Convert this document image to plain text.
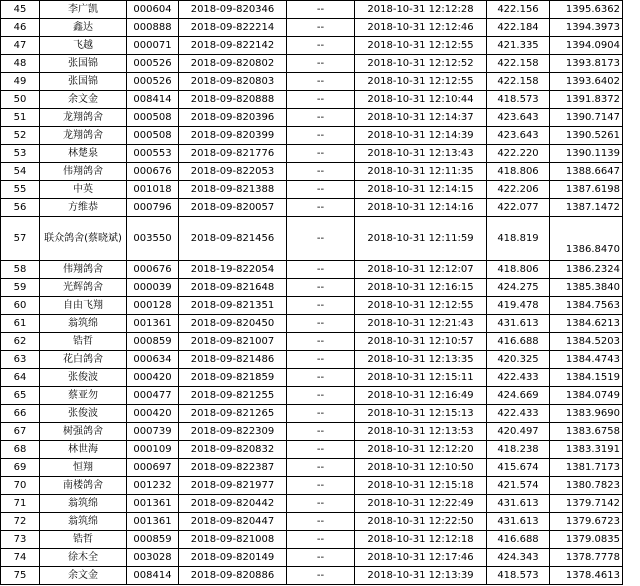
45	李广凯	000604	2018-09-820346	--	2018-10-31 12:12:28	422.156	1395.6362
46	鑫达	000888	2018-09-822214	--	2018-10-31 12:12:46	422.184	1394.3973
47	飞越	000071	2018-09-822142	--	2018-10-31 12:12:55	421.335	1394.0904
48	张国锦	000526	2018-09-820802	--	2018-10-31 12:12:52	422.158	1393.8173
49	张国锦	000526	2018-09-820803	--	2018-10-31 12:12:55	422.158	1393.6402
50	余文金	008414	2018-09-820888	--	2018-10-31 12:10:44	418.573	1391.8372
51	龙翔鸽舍	000508	2018-09-820396	--	2018-10-31 12:14:37	423.643	1390.7147
52	龙翔鸽舍	000508	2018-09-820399	--	2018-10-31 12:14:39	423.643	1390.5261
53	林楚泉	000553	2018-09-821776	--	2018-10-31 12:13:43	422.220	1390.1139
54	伟翔鸽舍	000676	2018-09-822053	--	2018-10-31 12:11:35	418.806	1388.6647
55	中英	001018	2018-09-821388	--	2018-10-31 12:14:15	422.206	1387.6198
56	方维恭	000796	2018-09-820057	--	2018-10-31 12:14:16	422.077	1387.1472
57	联众鸽舍(蔡晓斌)	003550	2018-09-821456	--	2018-10-31 12:11:59	418.819	1386.8470
58	伟翔鸽舍	000676	2018-19-822054	--	2018-10-31 12:12:07	418.806	1386.2324
59	光辉鸽舍	000039	2018-09-821648	--	2018-10-31 12:16:15	424.275	1385.3840
60	自由飞翔	000128	2018-09-821351	--	2018-10-31 12:12:55	419.478	1384.7563
61	翁筑绵	001361	2018-09-820450	--	2018-10-31 12:21:43	431.613	1384.6213
62	锆哲	000859	2018-09-821007	--	2018-10-31 12:10:57	416.688	1384.5203
63	花白鸽舍	000634	2018-09-821486	--	2018-10-31 12:13:35	420.325	1384.4743
64	张俊波	000420	2018-09-821859	--	2018-10-31 12:15:11	422.433	1384.1519
65	蔡亚勿	000477	2018-09-821255	--	2018-10-31 12:16:49	424.669	1384.0749
66	张俊波	000420	2018-09-821265	--	2018-10-31 12:15:13	422.433	1383.9690
67	树强鸽舍	000739	2018-09-822309	--	2018-10-31 12:13:53	420.497	1383.6758
68	林世海	000109	2018-09-820832	--	2018-10-31 12:12:20	418.238	1383.3191
69	恒翔	000697	2018-09-822387	--	2018-10-31 12:10:50	415.674	1381.7173
70	南楼鸽舍	001232	2018-09-821977	--	2018-10-31 12:15:18	421.574	1380.7823
71	翁筑绵	001361	2018-09-820442	--	2018-10-31 12:22:49	431.613	1379.7142
72	翁筑绵	001361	2018-09-820447	--	2018-10-31 12:22:50	431.613	1379.6723
73	锆哲	000859	2018-09-821008	--	2018-10-31 12:12:18	416.688	1379.0835
74	徐木全	003028	2018-09-820149	--	2018-10-31 12:17:46	424.343	1378.7778
75	余文金	008414	2018-09-820886	--	2018-10-31 12:13:39	418.573	1378.4613
